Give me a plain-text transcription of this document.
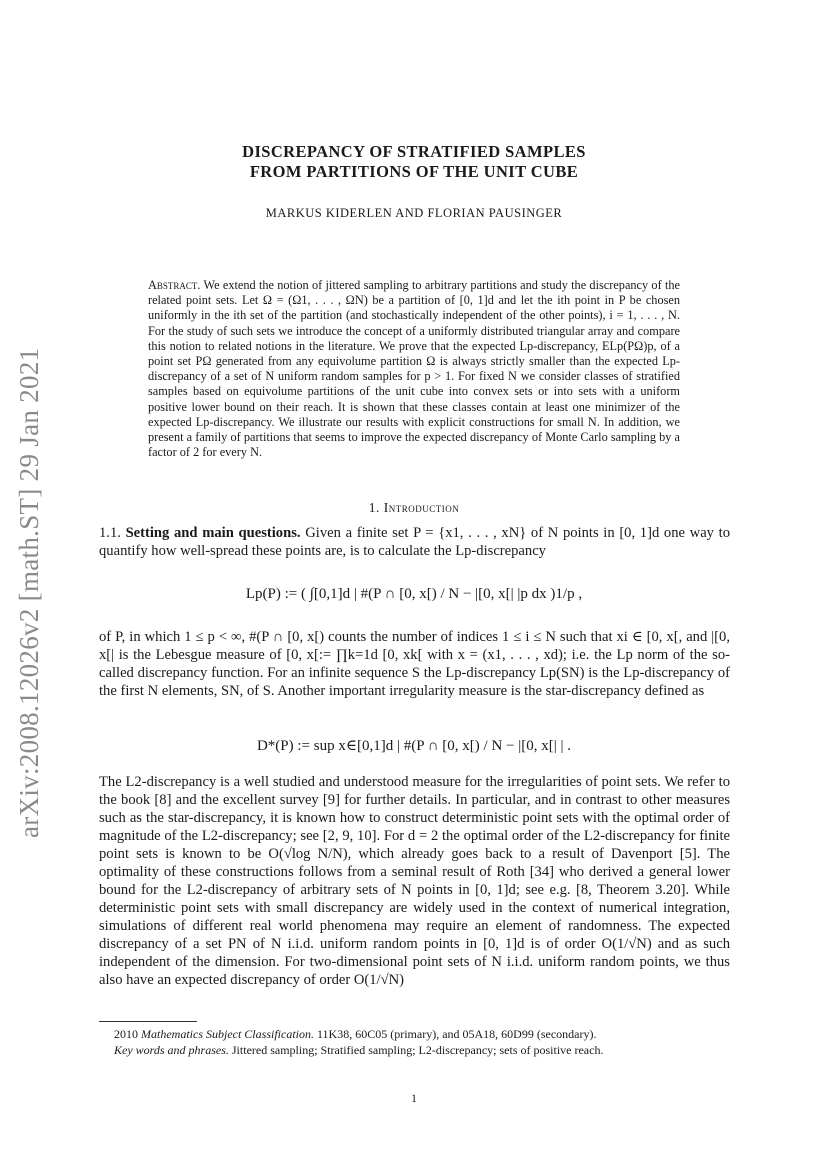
arXiv:2008.12026v2 [math.ST] 29 Jan 2021
DISCREPANCY OF STRATIFIED SAMPLES
FROM PARTITIONS OF THE UNIT CUBE
MARKUS KIDERLEN AND FLORIAN PAUSINGER
Abstract. We extend the notion of jittered sampling to arbitrary partitions and study the discrepancy of the related point sets. Let Ω = (Ω1, . . . , ΩN) be a partition of [0, 1]d and let the ith point in P be chosen uniformly in the ith set of the partition (and stochastically independent of the other points), i = 1, . . . , N. For the study of such sets we introduce the concept of a uniformly distributed triangular array and compare this notion to related notions in the literature. We prove that the expected Lp-discrepancy, ELp(PΩ)p, of a point set PΩ generated from any equivolume partition Ω is always strictly smaller than the expected Lp-discrepancy of a set of N uniform random samples for p > 1. For fixed N we consider classes of stratified samples based on equivolume partitions of the unit cube into convex sets or into sets with a uniform positive lower bound on their reach. It is shown that these classes contain at least one minimizer of the expected Lp-discrepancy. We illustrate our results with explicit constructions for small N. In addition, we present a family of partitions that seems to improve the expected discrepancy of Monte Carlo sampling by a factor of 2 for every N.
1. Introduction
1.1. Setting and main questions. Given a finite set P = {x1, . . . , xN} of N points in [0, 1]d one way to quantify how well-spread these points are, is to calculate the Lp-discrepancy
Lp(P) := ( ∫[0,1]d | #(P ∩ [0, x[) / N − |[0, x[| |p dx )1/p ,
of P, in which 1 ≤ p < ∞, #(P ∩ [0, x[) counts the number of indices 1 ≤ i ≤ N such that xi ∈ [0, x[, and |[0, x[| is the Lebesgue measure of [0, x[:= ∏k=1d [0, xk[ with x = (x1, . . . , xd); i.e. the Lp norm of the so-called discrepancy function. For an infinite sequence S the Lp-discrepancy Lp(SN) is the Lp-discrepancy of the first N elements, SN, of S. Another important irregularity measure is the star-discrepancy defined as
D*(P) := sup x∈[0,1]d | #(P ∩ [0, x[) / N − |[0, x[| | .
The L2-discrepancy is a well studied and understood measure for the irregularities of point sets. We refer to the book [8] and the excellent survey [9] for further details. In particular, and in contrast to other measures such as the star-discrepancy, it is known how to construct deterministic point sets with the optimal order of magnitude of the L2-discrepancy; see [2, 9, 10]. For d = 2 the optimal order of the L2-discrepancy for finite point sets is known to be O(√log N/N), which already goes back to a result of Davenport [5]. The optimality of these constructions follows from a seminal result of Roth [34] who derived a general lower bound for the L2-discrepancy of arbitrary sets of N points in [0, 1]d; see e.g. [8, Theorem 3.20]. While deterministic point sets with small discrepancy are widely used in the context of numerical integration, simulations of different real world phenomena may require an element of randomness. The expected discrepancy of a set PN of N i.i.d. uniform random points in [0, 1]d is of order O(1/√N) and as such independent of the dimension. For two-dimensional point sets of N i.i.d. uniform random points, we thus also have an expected discrepancy of order O(1/√N)
2010 Mathematics Subject Classification. 11K38, 60C05 (primary), and 05A18, 60D99 (secondary).
Key words and phrases. Jittered sampling; Stratified sampling; L2-discrepancy; sets of positive reach.
1
